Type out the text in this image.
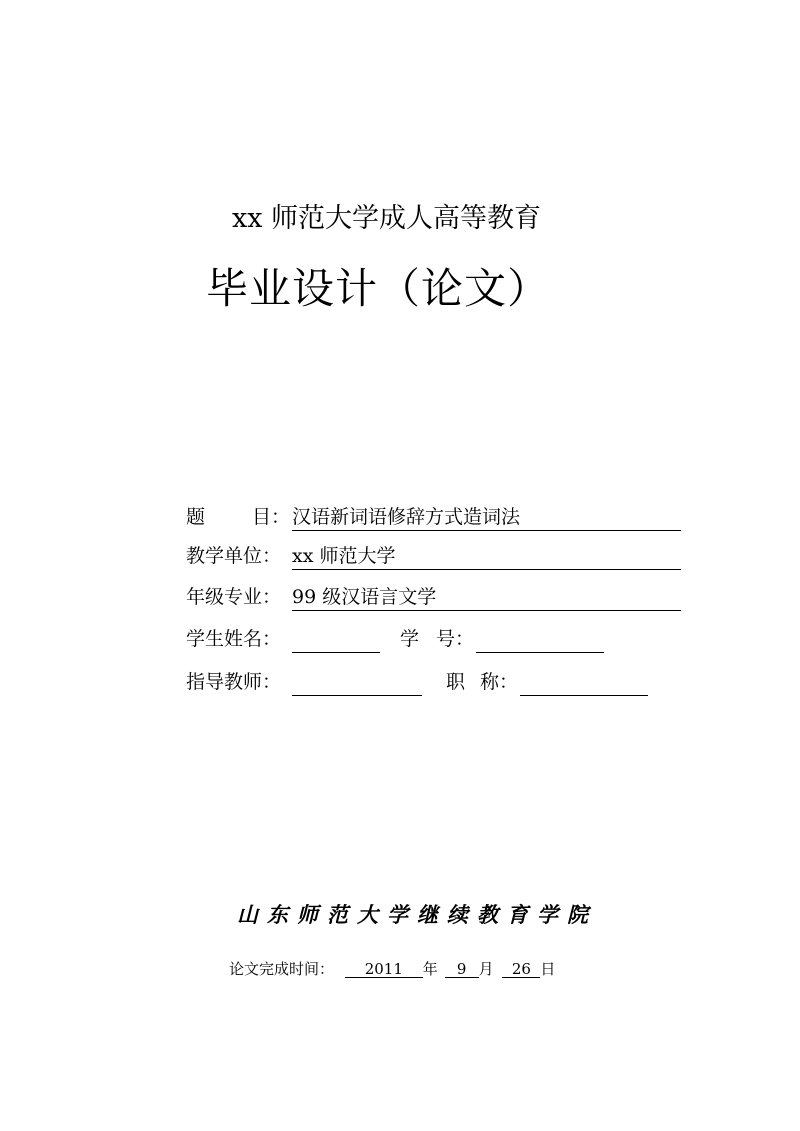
xx 师范大学成人高等教育
毕业设计（论文）
题 目： 汉语新词语修辞方式造词法
教学单位： xx 师范大学
年级专业： 99 级汉语言文学
学生姓名：	学 号：
指导教师：	职 称：
山东师范大学继续教育学院
论文完成时间： 2011 年 9 月 26 日
